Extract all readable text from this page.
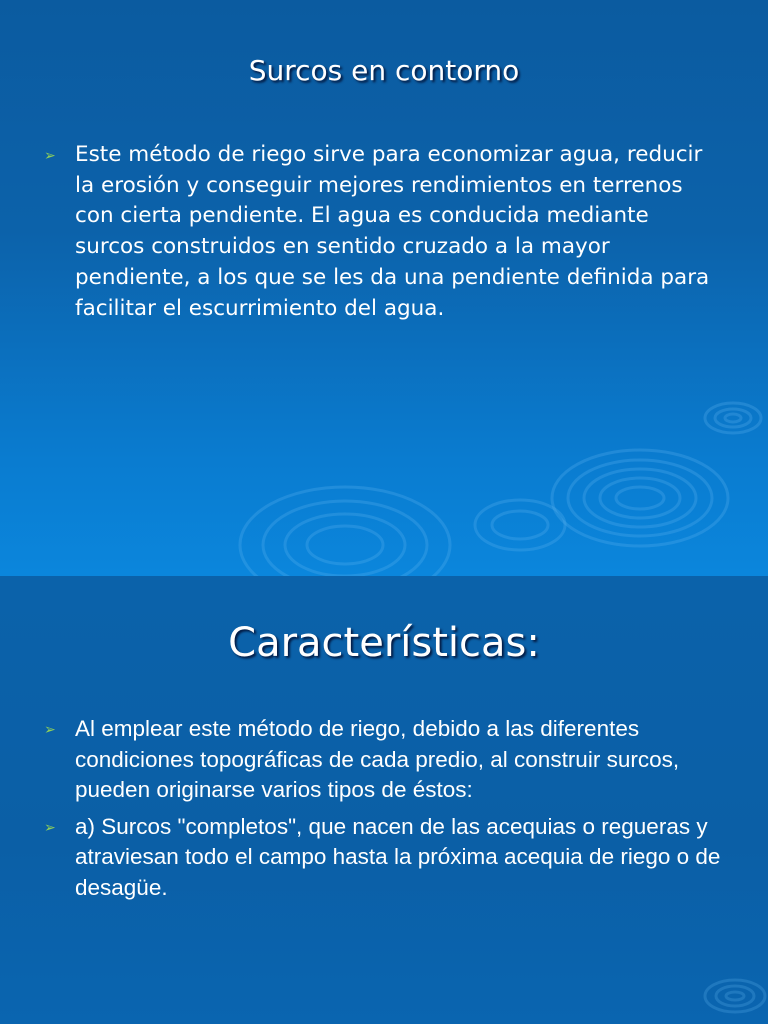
Surcos en contorno
➢ Este método de riego sirve para economizar agua, reducir la erosión y conseguir mejores rendimientos en terrenos con cierta pendiente. El agua es conducida mediante surcos construidos en sentido cruzado a la mayor pendiente, a los que se les da una pendiente definida para facilitar el escurrimiento del agua.
Características:
➢ Al emplear este método de riego, debido a las diferentes condiciones topográficas de cada predio, al construir surcos, pueden originarse varios tipos de éstos:
➢ a) Surcos "completos", que nacen de las acequias o regueras y atraviesan todo el campo hasta la próxima acequia de riego o de desagüe.
